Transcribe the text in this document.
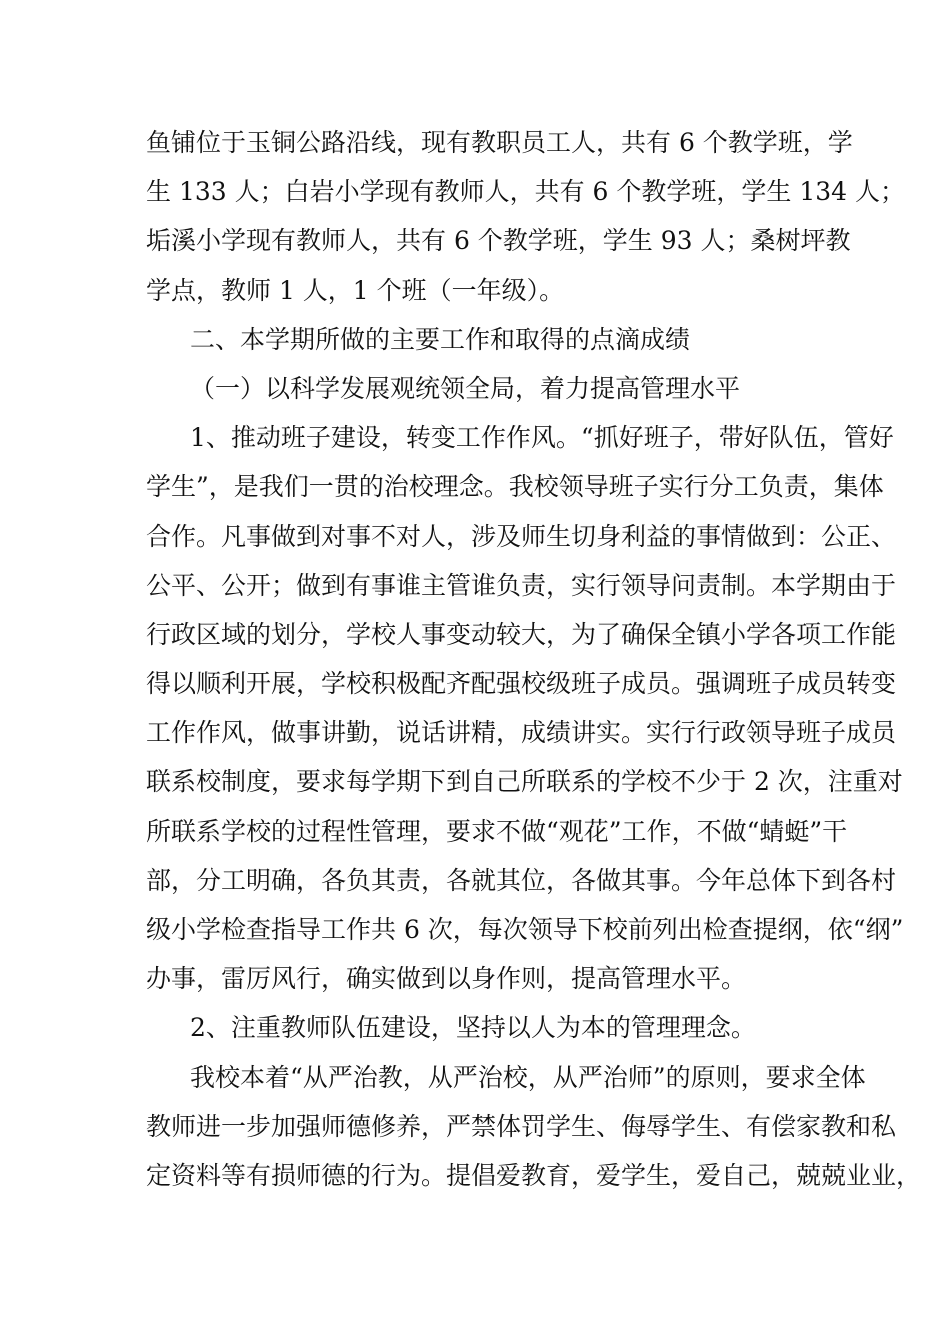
鱼铺位于玉铜公路沿线，现有教职员工人，共有 6 个教学班，学
生 133 人；白岩小学现有教师人，共有 6 个教学班，学生 134 人；
垢溪小学现有教师人，共有 6 个教学班，学生 93 人；桑树坪教
学点，教师 1 人，1 个班（一年级）。
二、本学期所做的主要工作和取得的点滴成绩
（一）以科学发展观统领全局，着力提高管理水平
1、推动班子建设，转变工作作风。“抓好班子，带好队伍，管好
学生”，是我们一贯的治校理念。我校领导班子实行分工负责，集体
合作。凡事做到对事不对人，涉及师生切身利益的事情做到：公正、
公平、公开；做到有事谁主管谁负责，实行领导问责制。本学期由于
行政区域的划分，学校人事变动较大，为了确保全镇小学各项工作能
得以顺利开展，学校积极配齐配强校级班子成员。强调班子成员转变
工作作风，做事讲勤，说话讲精，成绩讲实。实行行政领导班子成员
联系校制度，要求每学期下到自己所联系的学校不少于 2 次，注重对
所联系学校的过程性管理，要求不做“观花”工作，不做“蜻蜓”干
部，分工明确，各负其责，各就其位，各做其事。今年总体下到各村
级小学检查指导工作共 6 次，每次领导下校前列出检查提纲，依“纲”
办事，雷厉风行，确实做到以身作则，提高管理水平。
2、注重教师队伍建设，坚持以人为本的管理理念。
我校本着“从严治教，从严治校，从严治师”的原则，要求全体
教师进一步加强师德修养，严禁体罚学生、侮辱学生、有偿家教和私
定资料等有损师德的行为。提倡爱教育，爱学生，爱自己，兢兢业业，
